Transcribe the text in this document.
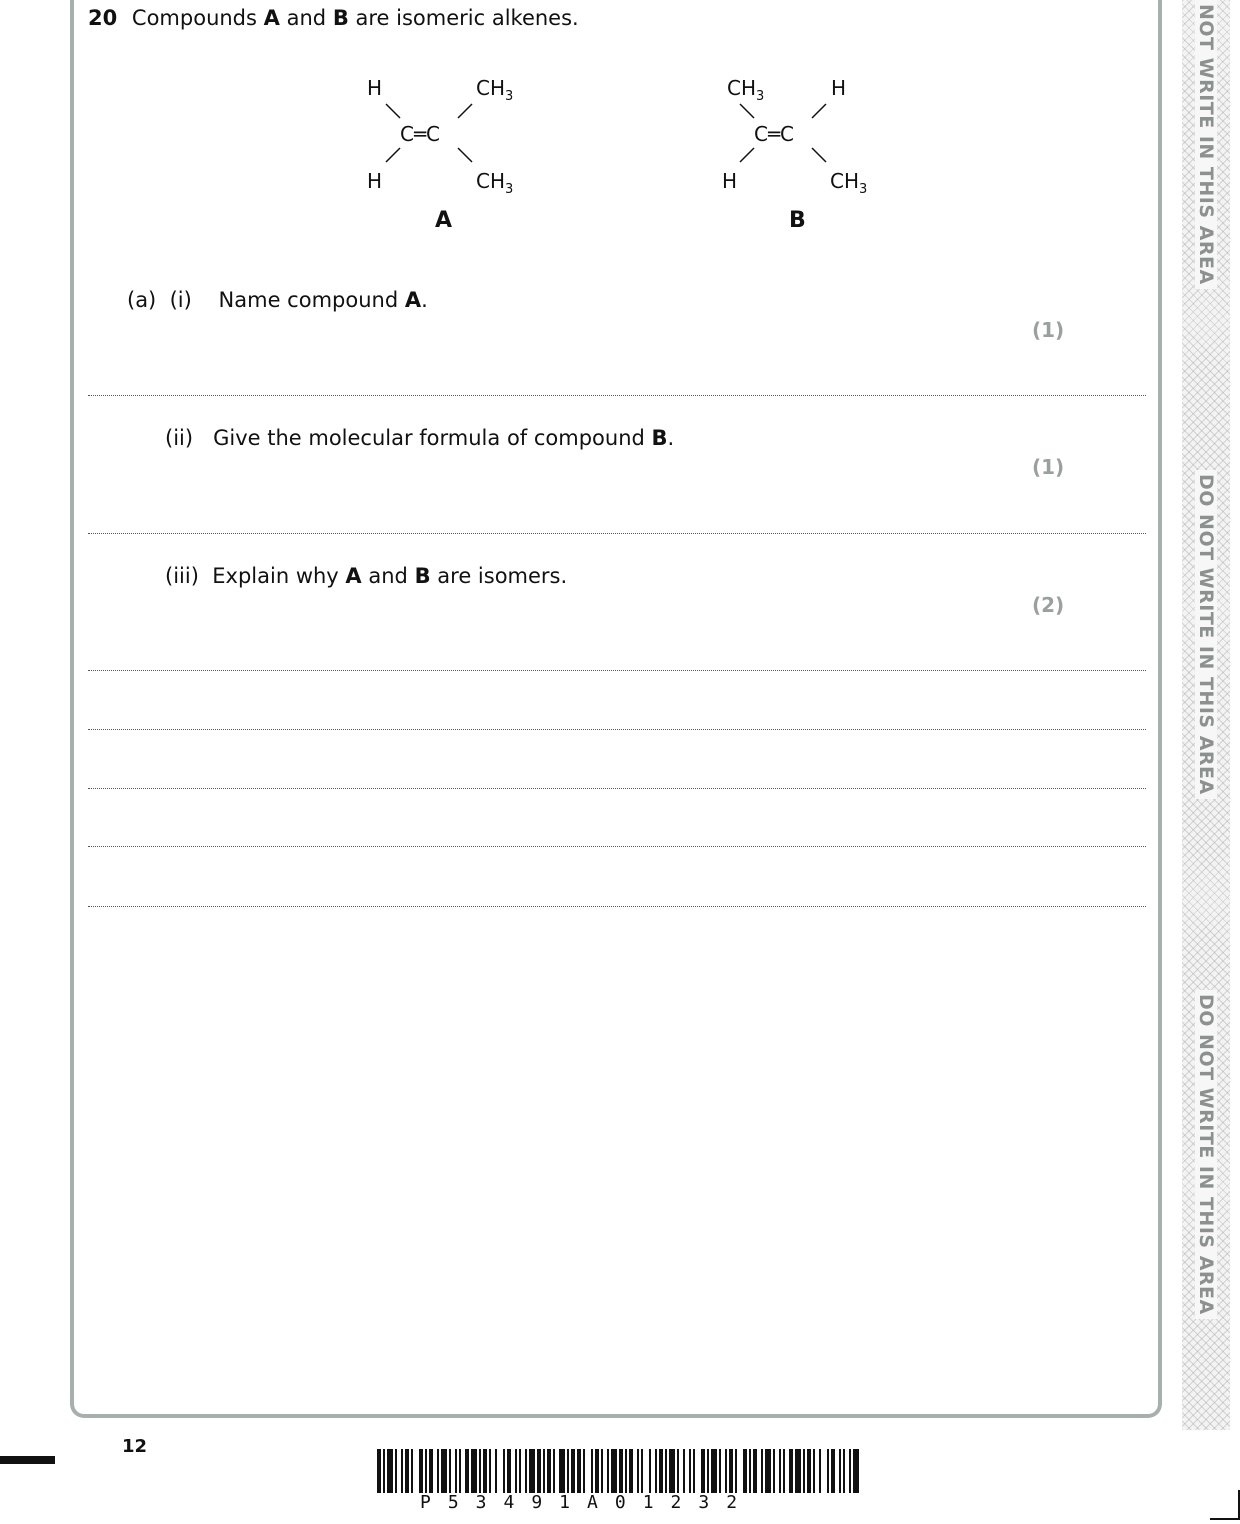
NOT WRITE IN THIS AREA
DO NOT WRITE IN THIS AREA
DO NOT WRITE IN THIS AREA
20 Compounds A and B are isomeric alkenes.
H	$CH_3$
C═C
H	$CH_3$
A
$CH_3$	H
C═C
H	$CH_3$
B
(a)  (i)    Name compound A.
(1)
(ii)   Give the molecular formula of compound B.
(1)
(iii)  Explain why A and B are isomers.
(2)
12
P53491A01232
